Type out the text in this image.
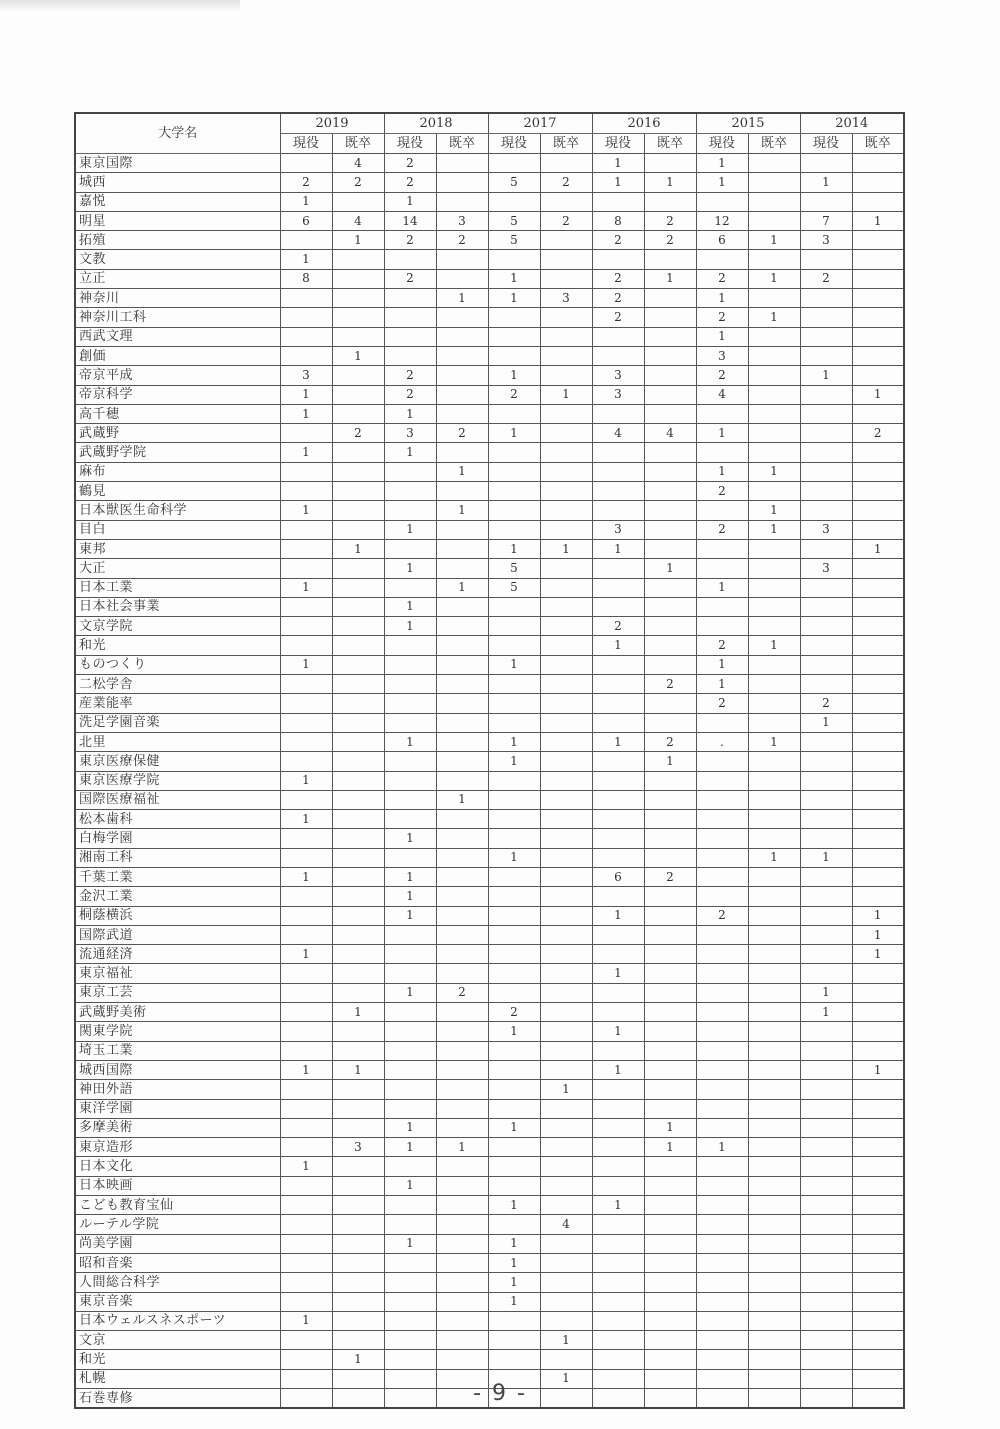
大学名	2019		2018		2017		2016		2015		2014	
	現役	既卒	現役	既卒	現役	既卒	現役	既卒	現役	既卒	現役	既卒
東京国際		4	2				1		1			
城西	2	2	2		5	2	1	1	1		1	
嘉悦	1		1									
明星	6	4	14	3	5	2	8	2	12		7	1
拓殖		1	2	2	5		2	2	6	1	3	
文教	1											
立正	8		2		1		2	1	2	1	2	
神奈川				1	1	3	2		1			
神奈川工科							2		2	1		
西武文理									1			
創価		1							3			
帝京平成	3		2		1		3		2		1	
帝京科学	1		2		2	1	3		4			1
高千穂	1		1									
武蔵野		2	3	2	1		4	4	1			2
武蔵野学院	1		1									
麻布				1					1	1		
鶴見									2			
日本獣医生命科学	1			1						1		
目白			1				3		2	1	3	
東邦		1			1	1	1					1
大正			1		5			1			3	
日本工業	1			1	5				1			
日本社会事業			1									
文京学院			1				2					
和光							1		2	1		
ものつくり	1				1				1			
二松学舎								2	1			
産業能率									2		2	
洗足学園音楽											1	
北里			1		1		1	2	.	1		
東京医療保健					1			1				
東京医療学院	1											
国際医療福祉				1								
松本歯科	1											
白梅学園			1									
湘南工科					1					1	1	
千葉工業	1		1				6	2				
金沢工業			1									
桐蔭横浜			1				1		2			1
国際武道												1
流通経済	1											1
東京福祉							1					
東京工芸			1	2							1	
武蔵野美術		1			2						1	
関東学院					1		1					
埼玉工業												
城西国際	1	1					1					1
神田外語						1						
東洋学園												
多摩美術			1		1			1				
東京造形		3	1	1				1	1			
日本文化	1											
日本映画			1									
こども教育宝仙					1		1					
ルーテル学院						4						
尚美学園			1		1							
昭和音楽					1							
人間総合科学					1							
東京音楽					1							
日本ウェルスネスポーツ	1											
文京						1						
和光		1										
札幌						1						
石巻専修													- 9 -
